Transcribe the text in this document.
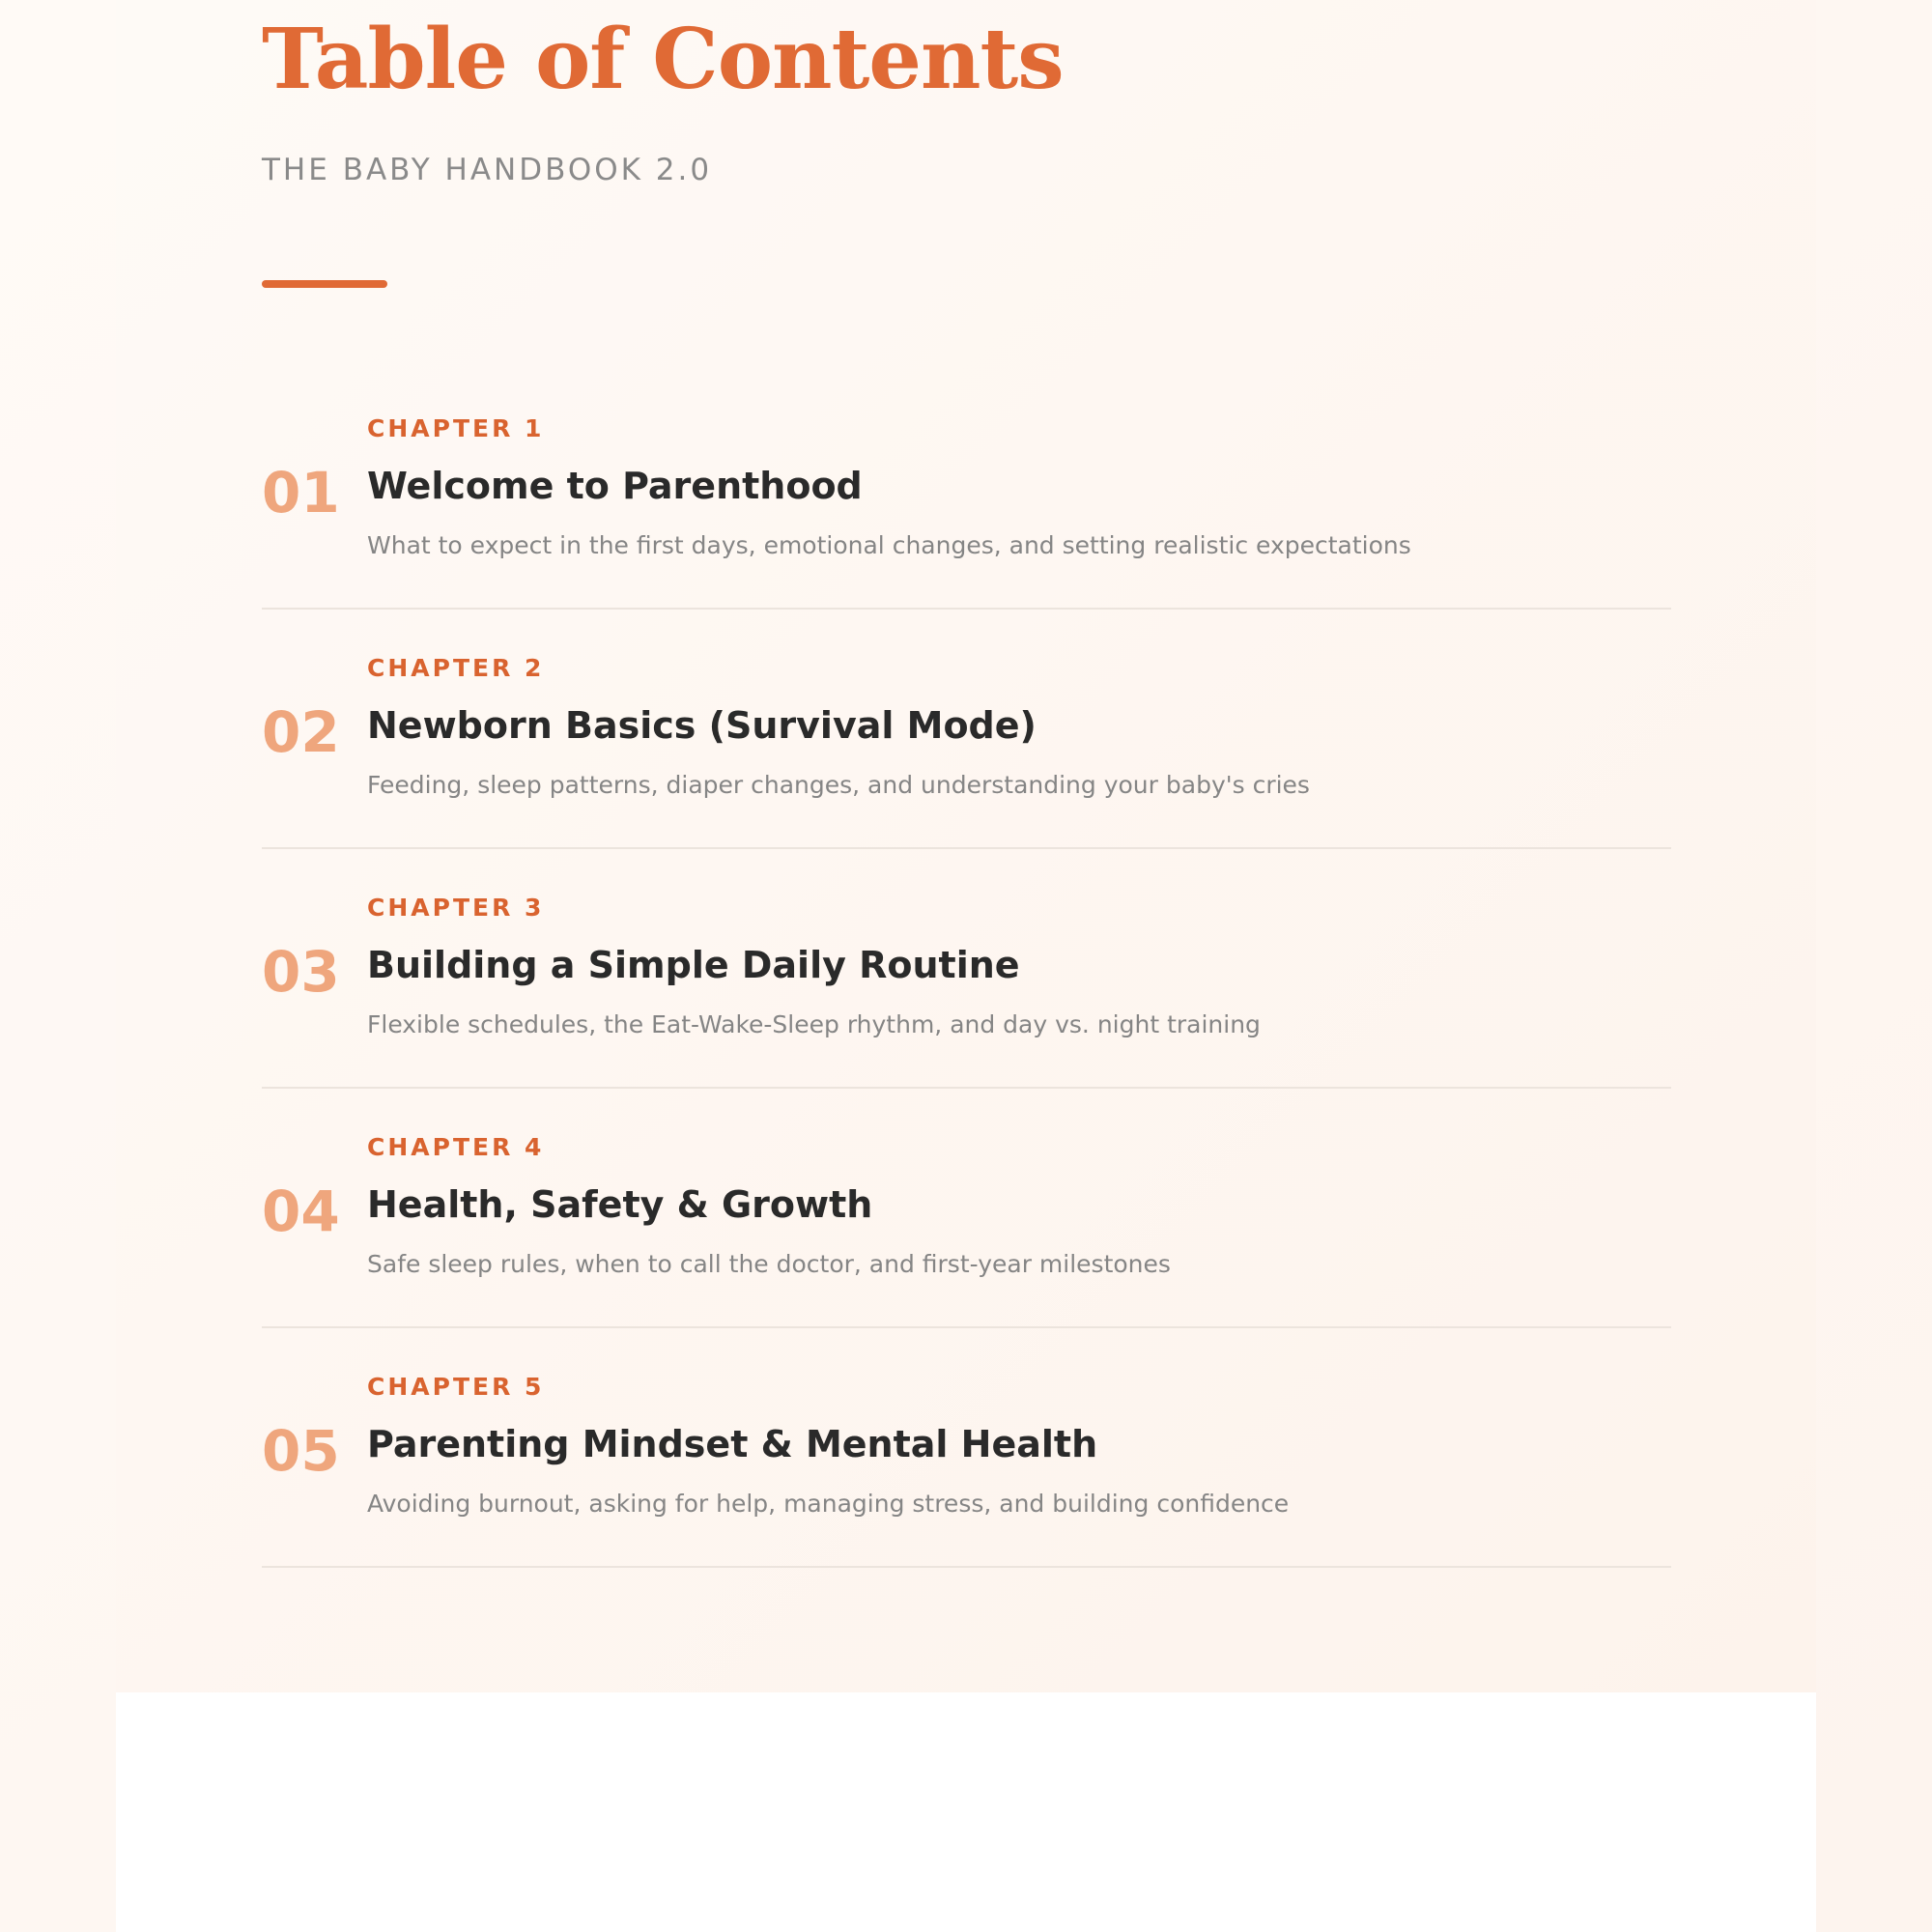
Table of Contents
THE BABY HANDBOOK 2.0
01
CHAPTER 1
Welcome to Parenthood
What to expect in the first days, emotional changes, and setting realistic expectations
02
CHAPTER 2
Newborn Basics (Survival Mode)
Feeding, sleep patterns, diaper changes, and understanding your baby's cries
03
CHAPTER 3
Building a Simple Daily Routine
Flexible schedules, the Eat-Wake-Sleep rhythm, and day vs. night training
04
CHAPTER 4
Health, Safety & Growth
Safe sleep rules, when to call the doctor, and first-year milestones
05
CHAPTER 5
Parenting Mindset & Mental Health
Avoiding burnout, asking for help, managing stress, and building confidence
